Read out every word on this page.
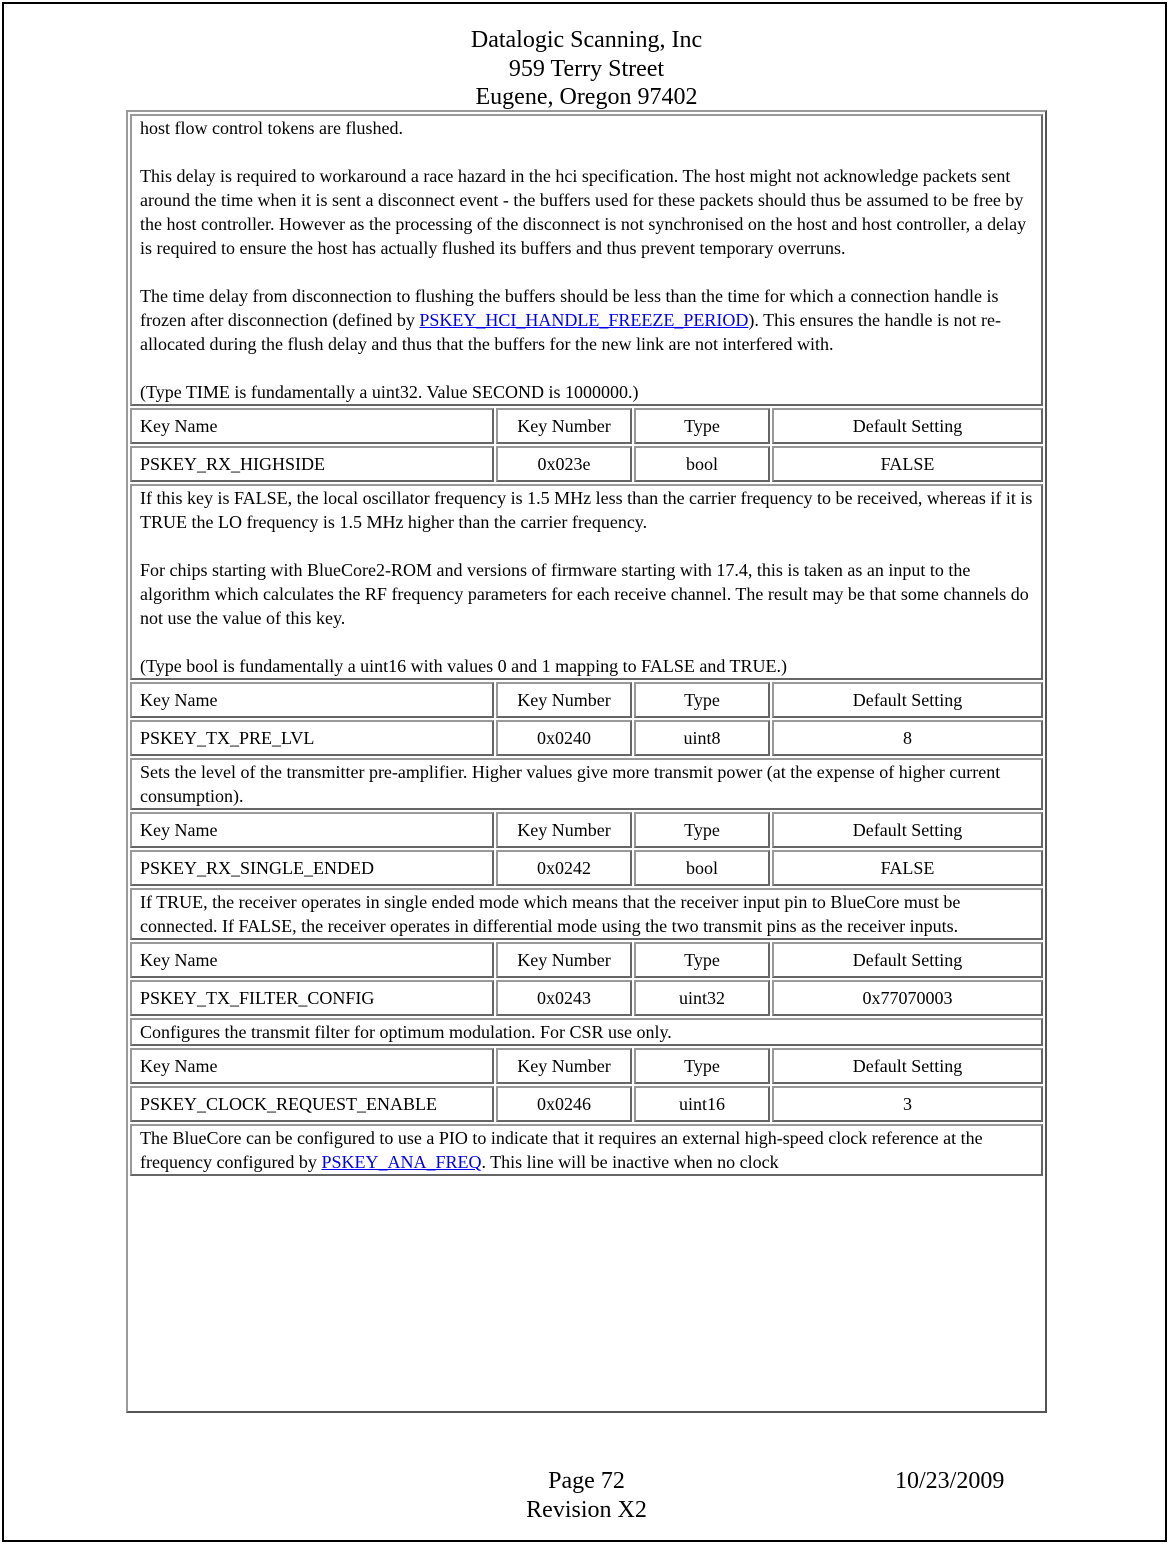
Datalogic Scanning, Inc
959 Terry Street
Eugene, Oregon 97402

host flow control tokens are flushed.

This delay is required to workaround a race hazard in the hci specification. The host might not acknowledge packets sent around the time when it is sent a disconnect event - the buffers used for these packets should thus be assumed to be free by the host controller. However as the processing of the disconnect is not synchronised on the host and host controller, a delay is required to ensure the host has actually flushed its buffers and thus prevent temporary overruns.

The time delay from disconnection to flushing the buffers should be less than the time for which a connection handle is frozen after disconnection (defined by PSKEY_HCI_HANDLE_FREEZE_PERIOD). This ensures the handle is not re-allocated during the flush delay and thus that the buffers for the new link are not interfered with.

(Type TIME is fundamentally a uint32. Value SECOND is 1000000.)			

Key Name	Key Number	Type	Default Setting
PSKEY_RX_HIGHSIDE	0x023e	bool	FALSE

If this key is FALSE, the local oscillator frequency is 1.5 MHz less than the carrier frequency to be received, whereas if it is TRUE the LO frequency is 1.5 MHz higher than the carrier frequency.

For chips starting with BlueCore2-ROM and versions of firmware starting with 17.4, this is taken as an input to the algorithm which calculates the RF frequency parameters for each receive channel. The result may be that some channels do not use the value of this key.

(Type bool is fundamentally a uint16 with values 0 and 1 mapping to FALSE and TRUE.)			

Key Name	Key Number	Type	Default Setting
PSKEY_TX_PRE_LVL	0x0240	uint8	8

Sets the level of the transmitter pre-amplifier. Higher values give more transmit power (at the expense of higher current consumption).			

Key Name	Key Number	Type	Default Setting
PSKEY_RX_SINGLE_ENDED	0x0242	bool	FALSE

If TRUE, the receiver operates in single ended mode which means that the receiver input pin to BlueCore must be connected. If FALSE, the receiver operates in differential mode using the two transmit pins as the receiver inputs.			

Key Name	Key Number	Type	Default Setting
PSKEY_TX_FILTER_CONFIG	0x0243	uint32	0x77070003

Configures the transmit filter for optimum modulation. For CSR use only.			

Key Name	Key Number	Type	Default Setting
PSKEY_CLOCK_REQUEST_ENABLE	0x0246	uint16	3

The BlueCore can be configured to use a PIO to indicate that it requires an external high-speed clock reference at the frequency configured by PSKEY_ANA_FREQ. This line will be inactive when no clock			

Page 72	10/23/2009
Revision X2
